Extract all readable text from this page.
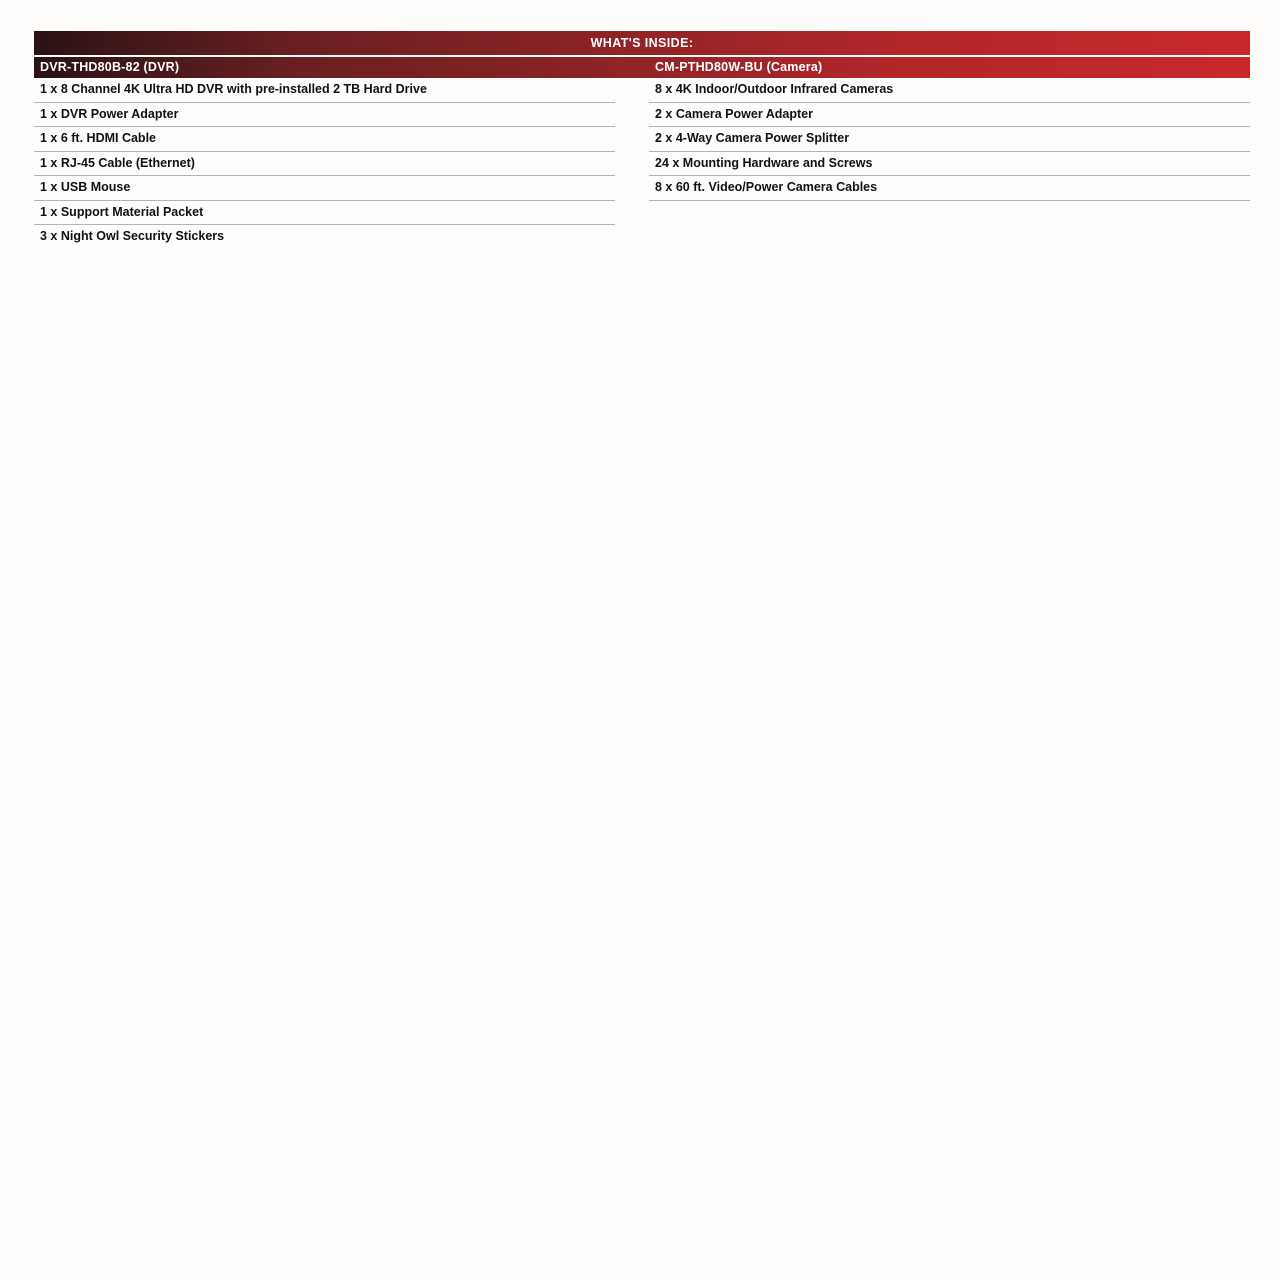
WHAT'S INSIDE:
DVR-THD80B-82 (DVR)	CM-PTHD80W-BU (Camera)
1 x 8 Channel 4K Ultra HD DVR with pre-installed 2 TB Hard Drive
1 x DVR Power Adapter
1 x 6 ft. HDMI Cable
1 x RJ-45 Cable (Ethernet)
1 x USB Mouse
1 x Support Material Packet
3 x Night Owl Security Stickers
8 x 4K Indoor/Outdoor Infrared Cameras
2 x Camera Power Adapter
2 x 4-Way Camera Power Splitter
24 x Mounting Hardware and Screws
8 x 60 ft. Video/Power Camera Cables
